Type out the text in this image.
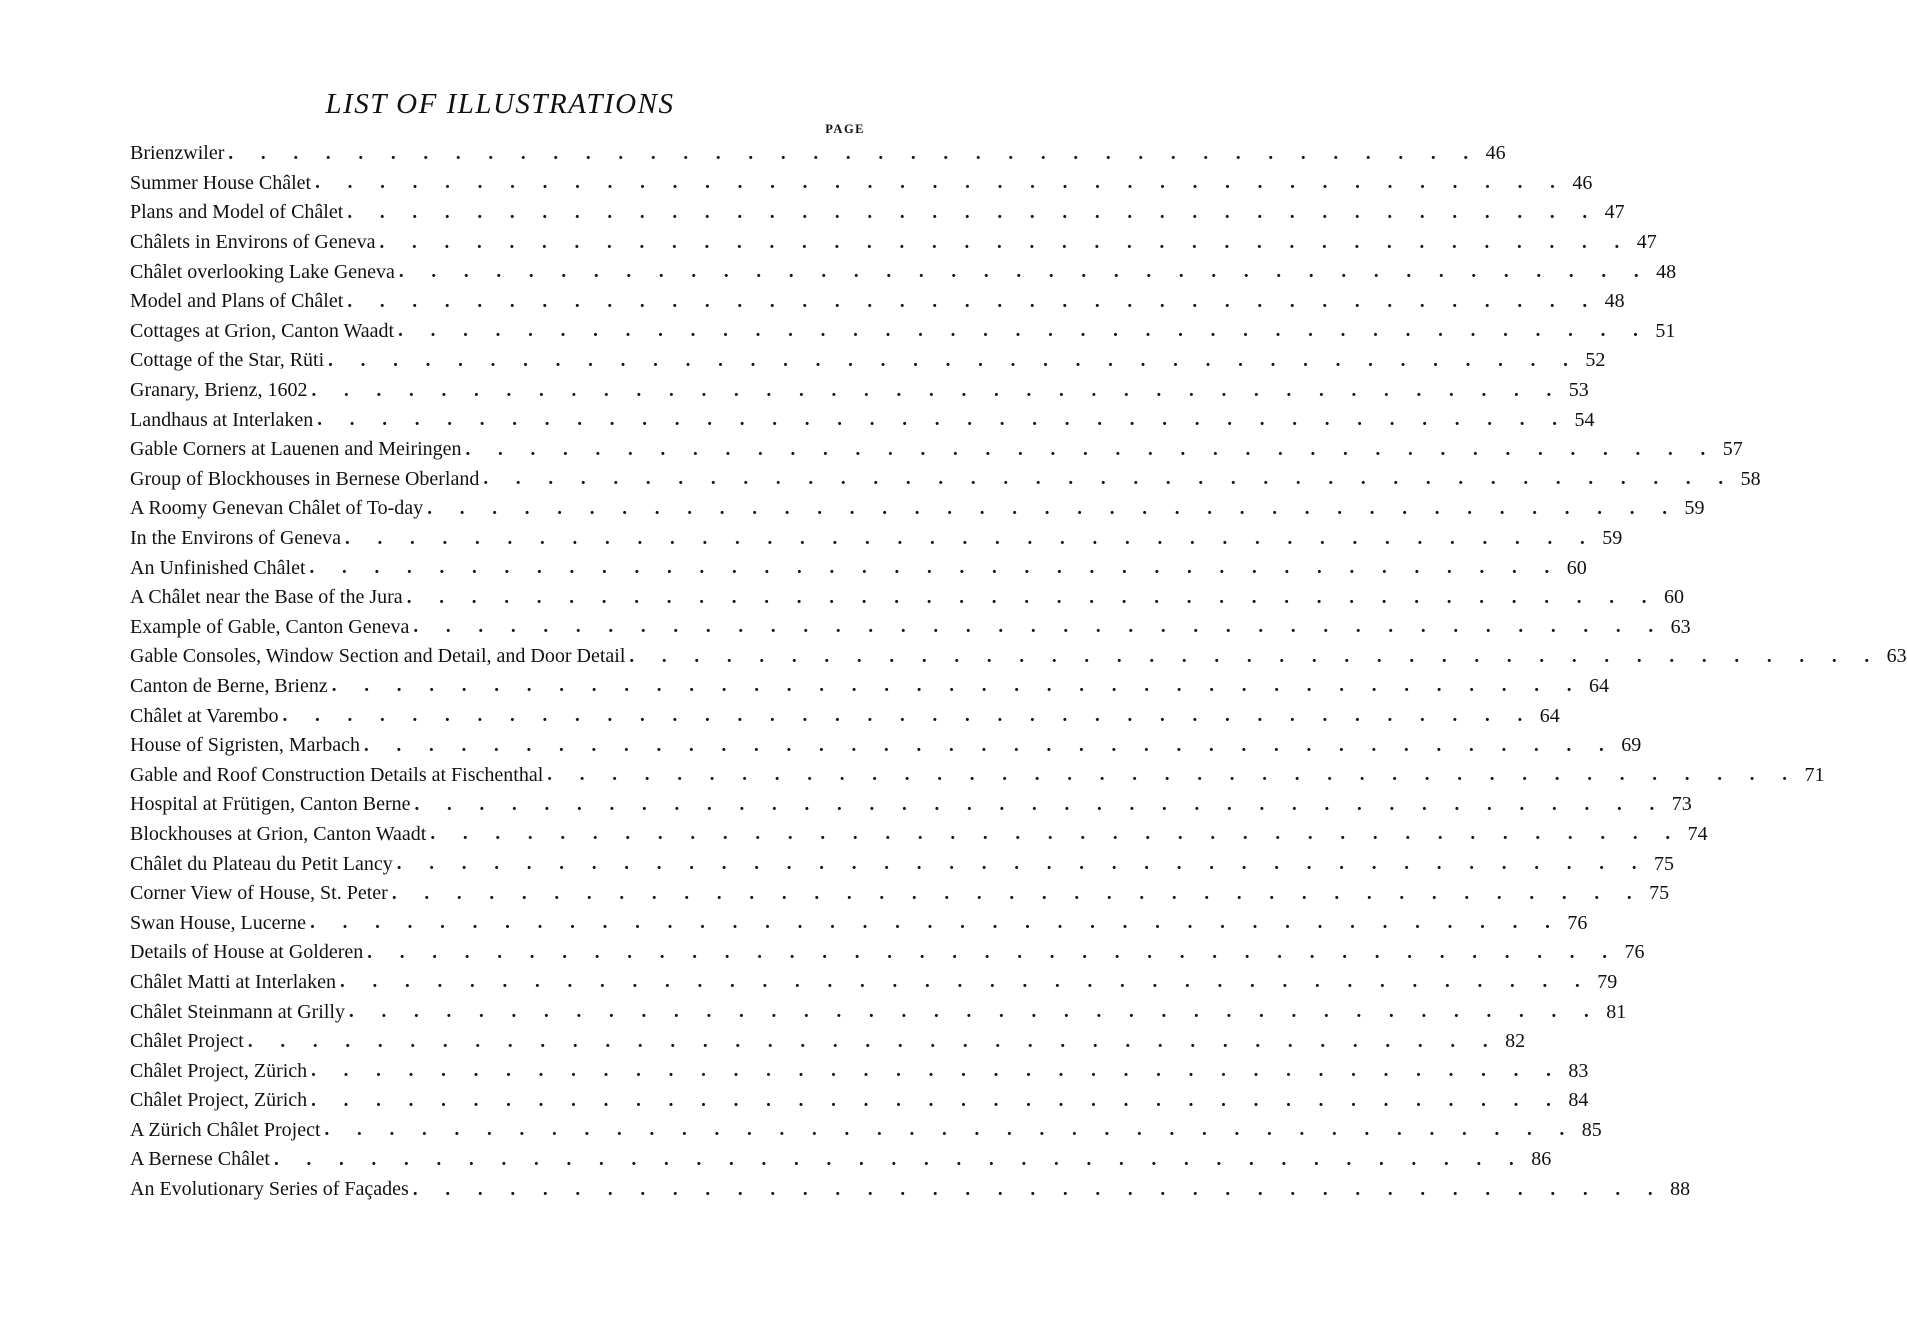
LIST OF ILLUSTRATIONS
PAGE
Brienzwiler . . . . . . . . . . . . . . . . . . . . . . . . . . . . . . . . . . . . . . . 46
Summer House Châlet . . . . . . . . . . . . . . . . . . . . . . . . . . . . . . . . . . . . . . . 46
Plans and Model of Châlet . . . . . . . . . . . . . . . . . . . . . . . . . . . . . . . . . . . . . . . 47
Châlets in Environs of Geneva . . . . . . . . . . . . . . . . . . . . . . . . . . . . . . . . . . . . . . . 47
Châlet overlooking Lake Geneva . . . . . . . . . . . . . . . . . . . . . . . . . . . . . . . . . . . . . . . 48
Model and Plans of Châlet . . . . . . . . . . . . . . . . . . . . . . . . . . . . . . . . . . . . . . . 48
Cottages at Grion, Canton Waadt . . . . . . . . . . . . . . . . . . . . . . . . . . . . . . . . . . . . . . . 51
Cottage of the Star, Rüti . . . . . . . . . . . . . . . . . . . . . . . . . . . . . . . . . . . . . . . 52
Granary, Brienz, 1602 . . . . . . . . . . . . . . . . . . . . . . . . . . . . . . . . . . . . . . . 53
Landhaus at Interlaken . . . . . . . . . . . . . . . . . . . . . . . . . . . . . . . . . . . . . . . 54
Gable Corners at Lauenen and Meiringen . . . . . . . . . . . . . . . . . . . . . . . . . . . . . . . . . . . . . . . 57
Group of Blockhouses in Bernese Oberland . . . . . . . . . . . . . . . . . . . . . . . . . . . . . . . . . . . . . . . 58
A Roomy Genevan Châlet of To-day . . . . . . . . . . . . . . . . . . . . . . . . . . . . . . . . . . . . . . . 59
In the Environs of Geneva . . . . . . . . . . . . . . . . . . . . . . . . . . . . . . . . . . . . . . . 59
An Unfinished Châlet . . . . . . . . . . . . . . . . . . . . . . . . . . . . . . . . . . . . . . . 60
A Châlet near the Base of the Jura . . . . . . . . . . . . . . . . . . . . . . . . . . . . . . . . . . . . . . . 60
Example of Gable, Canton Geneva . . . . . . . . . . . . . . . . . . . . . . . . . . . . . . . . . . . . . . . 63
Gable Consoles, Window Section and Detail, and Door Detail . . . . . . . . . . . . . . . . . . . . . . . . . . . . . . . . . . . . . . . 63
Canton de Berne, Brienz . . . . . . . . . . . . . . . . . . . . . . . . . . . . . . . . . . . . . . . 64
Châlet at Varembo . . . . . . . . . . . . . . . . . . . . . . . . . . . . . . . . . . . . . . . 64
House of Sigristen, Marbach . . . . . . . . . . . . . . . . . . . . . . . . . . . . . . . . . . . . . . . 69
Gable and Roof Construction Details at Fischenthal . . . . . . . . . . . . . . . . . . . . . . . . . . . . . . . . . . . . . . . 71
Hospital at Frütigen, Canton Berne . . . . . . . . . . . . . . . . . . . . . . . . . . . . . . . . . . . . . . . 73
Blockhouses at Grion, Canton Waadt . . . . . . . . . . . . . . . . . . . . . . . . . . . . . . . . . . . . . . . 74
Châlet du Plateau du Petit Lancy . . . . . . . . . . . . . . . . . . . . . . . . . . . . . . . . . . . . . . . 75
Corner View of House, St. Peter . . . . . . . . . . . . . . . . . . . . . . . . . . . . . . . . . . . . . . . 75
Swan House, Lucerne . . . . . . . . . . . . . . . . . . . . . . . . . . . . . . . . . . . . . . . 76
Details of House at Golderen . . . . . . . . . . . . . . . . . . . . . . . . . . . . . . . . . . . . . . . 76
Châlet Matti at Interlaken . . . . . . . . . . . . . . . . . . . . . . . . . . . . . . . . . . . . . . . 79
Châlet Steinmann at Grilly . . . . . . . . . . . . . . . . . . . . . . . . . . . . . . . . . . . . . . . 81
Châlet Project . . . . . . . . . . . . . . . . . . . . . . . . . . . . . . . . . . . . . . . 82
Châlet Project, Zürich . . . . . . . . . . . . . . . . . . . . . . . . . . . . . . . . . . . . . . . 83
Châlet Project, Zürich . . . . . . . . . . . . . . . . . . . . . . . . . . . . . . . . . . . . . . . 84
A Zürich Châlet Project . . . . . . . . . . . . . . . . . . . . . . . . . . . . . . . . . . . . . . . 85
A Bernese Châlet . . . . . . . . . . . . . . . . . . . . . . . . . . . . . . . . . . . . . . . 86
An Evolutionary Series of Façades . . . . . . . . . . . . . . . . . . . . . . . . . . . . . . . . . . . . . . . 88
